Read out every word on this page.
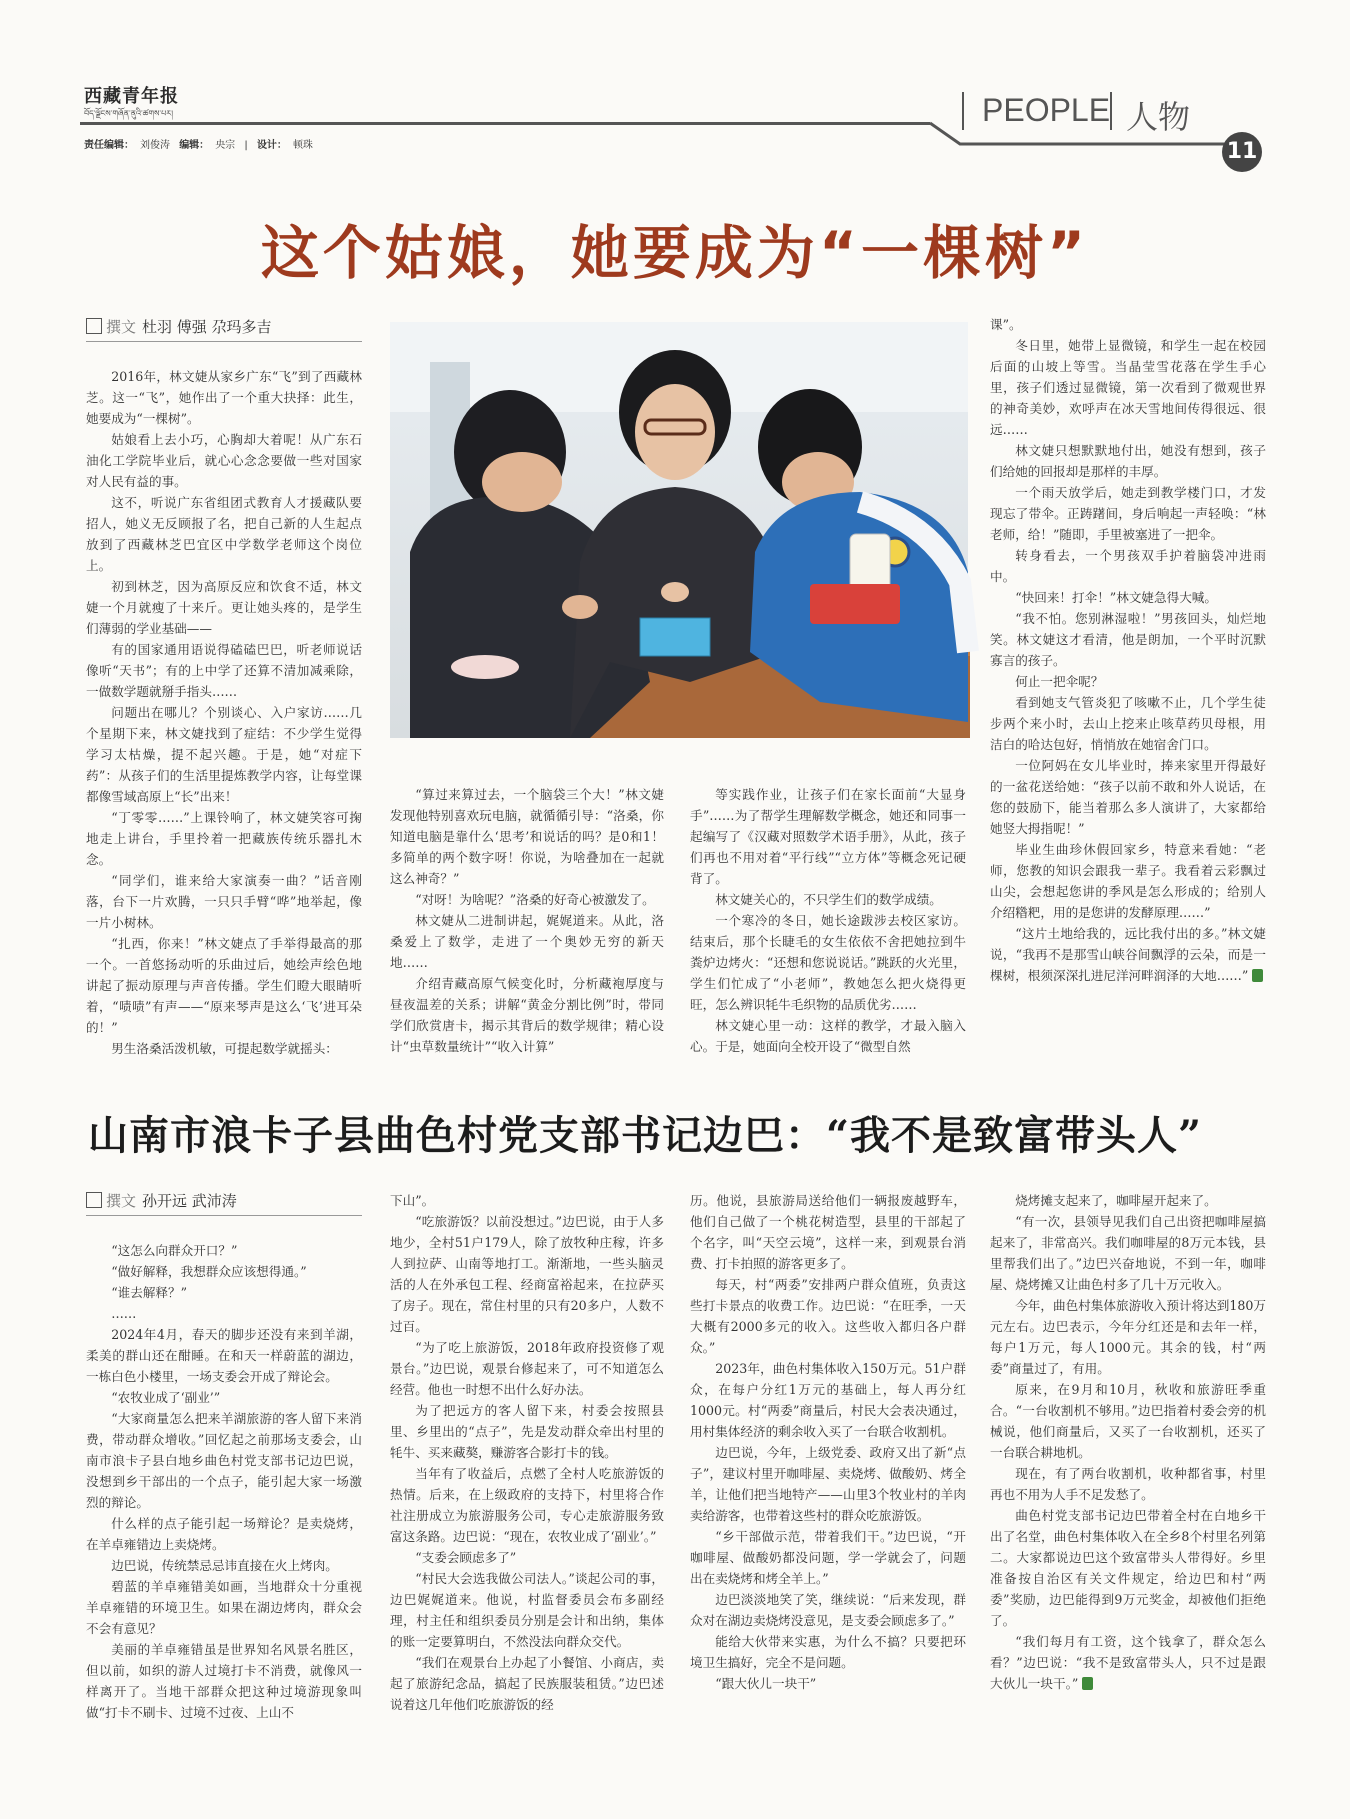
西藏青年报
བོད་ལྗོངས་གཞོན་ནུའི་ཚགས་པར།
责任编辑： 刘俊涛 编辑： 央宗 | 设计： 顿珠
PEOPLE 人物
11
这个姑娘，她要成为“一棵树”
撰文 杜羽 傅强 尕玛多吉

2016年，林文婕从家乡广东“飞”到了西藏林芝。这一“飞”，她作出了一个重大抉择：此生，她要成为“一棵树”。

姑娘看上去小巧，心胸却大着呢！从广东石油化工学院毕业后，就心心念念要做一些对国家对人民有益的事。

这不，听说广东省组团式教育人才援藏队要招人，她义无反顾报了名，把自己新的人生起点放到了西藏林芝巴宜区中学数学老师这个岗位上。

初到林芝，因为高原反应和饮食不适，林文婕一个月就瘦了十来斤。更让她头疼的，是学生们薄弱的学业基础——

有的国家通用语说得磕磕巴巴，听老师说话像听“天书”；有的上中学了还算不清加减乘除，一做数学题就掰手指头……

问题出在哪儿？个别谈心、入户家访……几个星期下来，林文婕找到了症结：不少学生觉得学习太枯燥，提不起兴趣。于是，她“对症下药”：从孩子们的生活里提炼教学内容，让每堂课都像雪域高原上“长”出来！

“丁零零……”上课铃响了，林文婕笑容可掬地走上讲台，手里拎着一把藏族传统乐器扎木念。

“同学们，谁来给大家演奏一曲？”话音刚落，台下一片欢腾，一只只手臂“哗”地举起，像一片小树林。

“扎西，你来！”林文婕点了手举得最高的那一个。一首悠扬动听的乐曲过后，她绘声绘色地讲起了振动原理与声音传播。学生们瞪大眼睛听着，“啧啧”有声——“原来琴声是这么‘飞’进耳朵的！”

男生洛桑活泼机敏，可提起数学就摇头：

“算过来算过去，一个脑袋三个大！”林文婕发现他特别喜欢玩电脑，就循循引导：“洛桑，你知道电脑是靠什么‘思考’和说话的吗？是0和1！多简单的两个数字呀！你说，为啥叠加在一起就这么神奇？”

“对呀！为啥呢？”洛桑的好奇心被激发了。

林文婕从二进制讲起，娓娓道来。从此，洛桑爱上了数学，走进了一个奥妙无穷的新天地……

介绍青藏高原气候变化时，分析藏袍厚度与昼夜温差的关系；讲解“黄金分割比例”时，带同学们欣赏唐卡，揭示其背后的数学规律；精心设计“虫草数量统计”“收入计算”

等实践作业，让孩子们在家长面前“大显身手”……为了帮学生理解数学概念，她还和同事一起编写了《汉藏对照数学术语手册》，从此，孩子们再也不用对着“平行线”“立方体”等概念死记硬背了。

林文婕关心的，不只学生们的数学成绩。

一个寒冷的冬日，她长途跋涉去校区家访。结束后，那个长睫毛的女生依依不舍把她拉到牛粪炉边烤火：“还想和您说说话。”跳跃的火光里，学生们忙成了“小老师”，教她怎么把火烧得更旺，怎么辨识牦牛毛织物的品质优劣……

林文婕心里一动：这样的教学，才最入脑入心。于是，她面向全校开设了“微型自然

课”。

冬日里，她带上显微镜，和学生一起在校园后面的山坡上等雪。当晶莹雪花落在学生手心里，孩子们透过显微镜，第一次看到了微观世界的神奇美妙，欢呼声在冰天雪地间传得很远、很远……

林文婕只想默默地付出，她没有想到，孩子们给她的回报却是那样的丰厚。

一个雨天放学后，她走到教学楼门口，才发现忘了带伞。正踌躇间，身后响起一声轻唤：“林老师，给！”随即，手里被塞进了一把伞。

转身看去，一个男孩双手护着脑袋冲进雨中。

“快回来！打伞！”林文婕急得大喊。

“我不怕。您别淋湿啦！”男孩回头，灿烂地笑。林文婕这才看清，他是朗加，一个平时沉默寡言的孩子。

何止一把伞呢？

看到她支气管炎犯了咳嗽不止，几个学生徒步两个来小时，去山上挖来止咳草药贝母根，用洁白的哈达包好，悄悄放在她宿舍门口。

一位阿妈在女儿毕业时，捧来家里开得最好的一盆花送给她：“孩子以前不敢和外人说话，在您的鼓励下，能当着那么多人演讲了，大家都给她竖大拇指呢！”

毕业生曲珍休假回家乡，特意来看她：“老师，您教的知识会跟我一辈子。我看着云彩飘过山尖，会想起您讲的季风是怎么形成的；给别人介绍糌粑，用的是您讲的发酵原理……”

“这片土地给我的，远比我付出的多。”林文婕说，“我再不是那雪山峡谷间飘浮的云朵，而是一棵树，根须深深扎进尼洋河畔润泽的大地……”

山南市浪卡子县曲色村党支部书记边巴：“我不是致富带头人”
撰文 孙开远 武沛涛

“这怎么向群众开口？”

“做好解释，我想群众应该想得通。”

“谁去解释？”

……

2024年4月，春天的脚步还没有来到羊湖，柔美的群山还在酣睡。在和天一样蔚蓝的湖边，一栋白色小楼里，一场支委会开成了辩论会。

“农牧业成了‘副业’”

“大家商量怎么把来羊湖旅游的客人留下来消费，带动群众增收。”回忆起之前那场支委会，山南市浪卡子县白地乡曲色村党支部书记边巴说，没想到乡干部出的一个点子，能引起大家一场激烈的辩论。

什么样的点子能引起一场辩论？是卖烧烤，在羊卓雍错边上卖烧烤。

边巴说，传统禁忌忌讳直接在火上烤肉。

碧蓝的羊卓雍错美如画，当地群众十分重视羊卓雍错的环境卫生。如果在湖边烤肉，群众会不会有意见？

美丽的羊卓雍错虽是世界知名风景名胜区，但以前，如织的游人过境打卡不消费，就像风一样离开了。当地干部群众把这种过境游现象叫做“打卡不刷卡、过境不过夜、上山不

下山”。

“吃旅游饭？以前没想过。”边巴说，由于人多地少，全村51户179人，除了放牧种庄稼，许多人到拉萨、山南等地打工。渐渐地，一些头脑灵活的人在外承包工程、经商富裕起来，在拉萨买了房子。现在，常住村里的只有20多户，人数不过百。

“为了吃上旅游饭，2018年政府投资修了观景台。”边巴说，观景台修起来了，可不知道怎么经营。他也一时想不出什么好办法。

为了把远方的客人留下来，村委会按照县里、乡里出的“点子”，先是发动群众牵出村里的牦牛、买来藏獒，赚游客合影打卡的钱。

当年有了收益后，点燃了全村人吃旅游饭的热情。后来，在上级政府的支持下，村里将合作社注册成立为旅游服务公司，专心走旅游服务致富这条路。边巴说：“现在，农牧业成了‘副业’。”

“支委会顾虑多了”

“村民大会选我做公司法人。”谈起公司的事，边巴娓娓道来。他说，村监督委员会布多副经理，村主任和组织委员分别是会计和出纳，集体的账一定要算明白，不然没法向群众交代。

“我们在观景台上办起了小餐馆、小商店，卖起了旅游纪念品，搞起了民族服装租赁。”边巴述说着这几年他们吃旅游饭的经

历。他说，县旅游局送给他们一辆报废越野车，他们自己做了一个桃花树造型，县里的干部起了个名字，叫“天空云境”，这样一来，到观景台消费、打卡拍照的游客更多了。

每天，村“两委”安排两户群众值班，负责这些打卡景点的收费工作。边巴说：“在旺季，一天大概有2000多元的收入。这些收入都归各户群众。”

2023年，曲色村集体收入150万元。51户群众，在每户分红1万元的基础上，每人再分红1000元。村“两委”商量后，村民大会表决通过，用村集体经济的剩余收入买了一台联合收割机。

边巴说，今年，上级党委、政府又出了新“点子”，建议村里开咖啡屋、卖烧烤、做酸奶、烤全羊，让他们把当地特产——山里3个牧业村的羊肉卖给游客，也带着这些村的群众吃旅游饭。

“乡干部做示范，带着我们干。”边巴说，“开咖啡屋、做酸奶都没问题，学一学就会了，问题出在卖烧烤和烤全羊上。”

边巴淡淡地笑了笑，继续说：“后来发现，群众对在湖边卖烧烤没意见，是支委会顾虑多了。”

能给大伙带来实惠，为什么不搞？只要把环境卫生搞好，完全不是问题。

“跟大伙儿一块干”

烧烤摊支起来了，咖啡屋开起来了。

“有一次，县领导见我们自己出资把咖啡屋搞起来了，非常高兴。我们咖啡屋的8万元本钱，县里帮我们出了。”边巴兴奋地说，不到一年，咖啡屋、烧烤摊又让曲色村多了几十万元收入。

今年，曲色村集体旅游收入预计将达到180万元左右。边巴表示，今年分红还是和去年一样，每户1万元，每人1000元。其余的钱，村“两委”商量过了，有用。

原来，在9月和10月，秋收和旅游旺季重合。“一台收割机不够用。”边巴指着村委会旁的机械说，他们商量后，又买了一台收割机，还买了一台联合耕地机。

现在，有了两台收割机，收种都省事，村里再也不用为人手不足发愁了。

曲色村党支部书记边巴带着全村在白地乡干出了名堂，曲色村集体收入在全乡8个村里名列第二。大家都说边巴这个致富带头人带得好。乡里准备按自治区有关文件规定，给边巴和村“两委”奖励，边巴能得到9万元奖金，却被他们拒绝了。

“我们每月有工资，这个钱拿了，群众怎么看？”边巴说：“我不是致富带头人，只不过是跟大伙儿一块干。”
